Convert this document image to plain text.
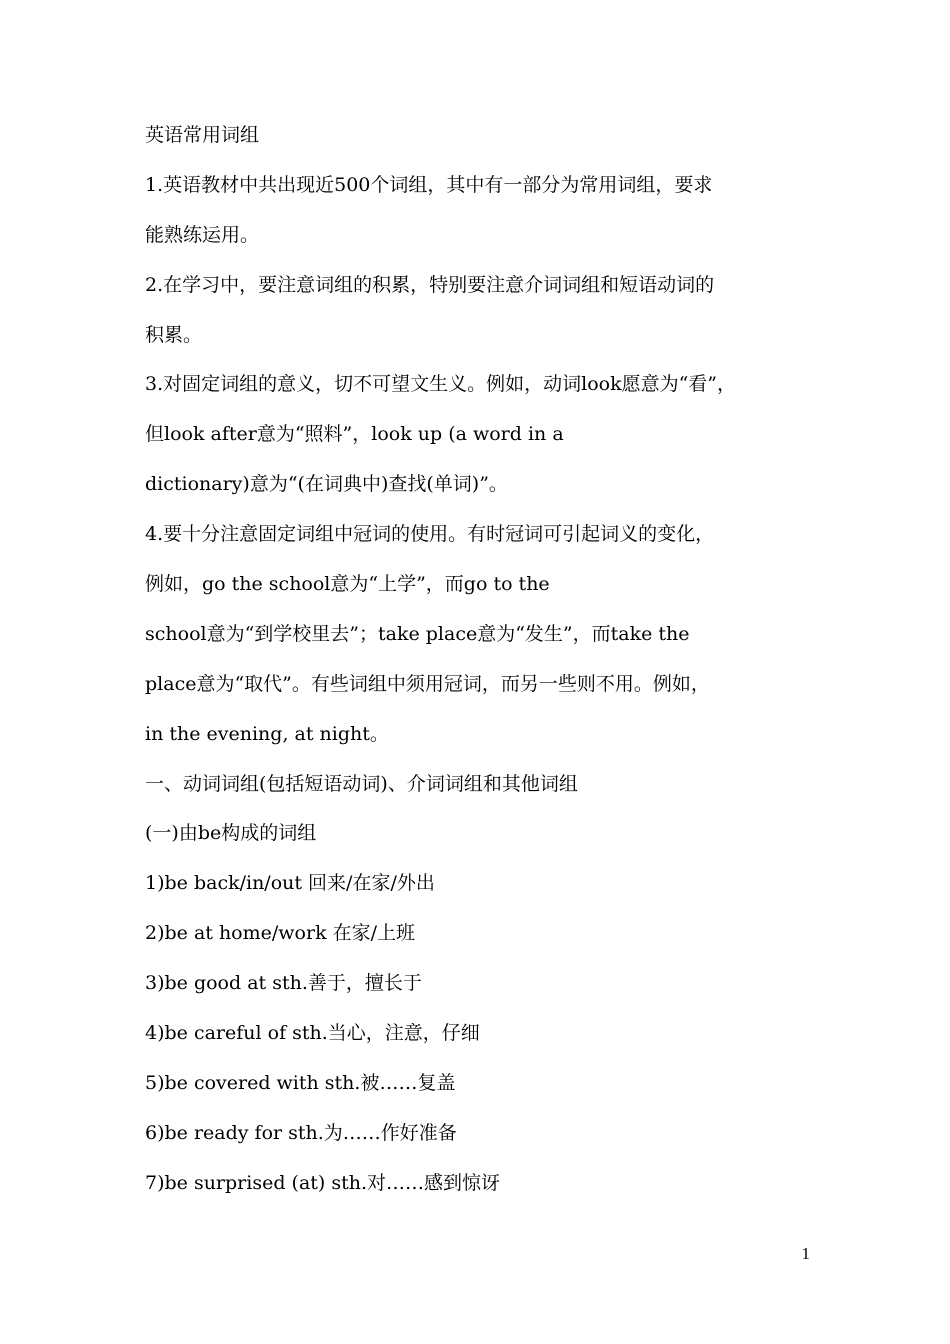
英语常用词组
1.英语教材中共出现近500个词组，其中有一部分为常用词组，要求
能熟练运用。
2.在学习中，要注意词组的积累，特别要注意介词词组和短语动词的
积累。
3.对固定词组的意义，切不可望文生义。例如，动词look愿意为“看”，
但look after意为“照料”，look up (a word in a
dictionary)意为“(在词典中)查找(单词)”。
4.要十分注意固定词组中冠词的使用。有时冠词可引起词义的变化，
例如，go the school意为“上学”，而go to the
school意为“到学校里去”；take place意为“发生”，而take the
place意为“取代”。有些词组中须用冠词，而另一些则不用。例如，
in the evening, at night。
一、动词词组(包括短语动词)、介词词组和其他词组
(一)由be构成的词组
1)be back/in/out 回来/在家/外出
2)be at home/work 在家/上班
3)be good at sth.善于，擅长于
4)be careful of sth.当心，注意，仔细
5)be covered with sth.被……复盖
6)be ready for sth.为……作好准备
7)be surprised (at) sth.对……感到惊讶
1
